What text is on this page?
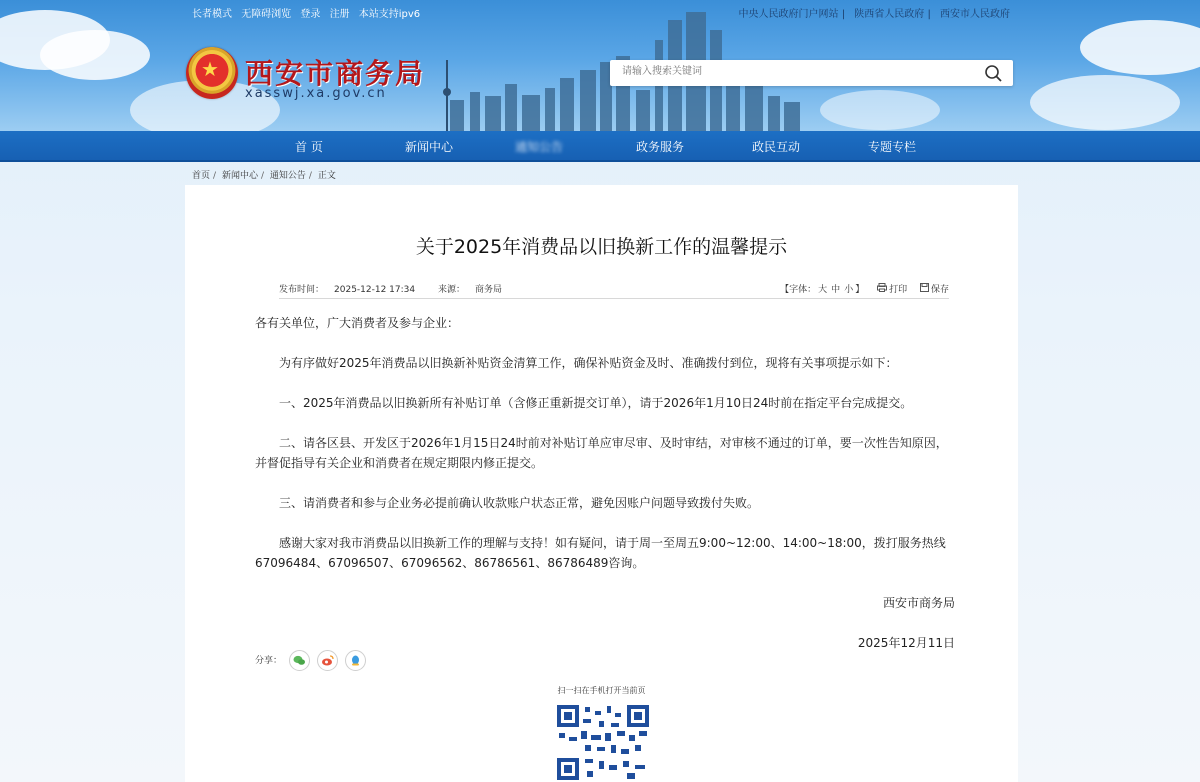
长者模式 无障碍浏览 登录 注册 本站支持ipv6	中央人民政府门户网站 | 陕西省人民政府 | 西安市人民政府
★
西安市商务局
xasswj.xa.gov.cn
请输入搜索关键词
首 页	新闻中心	通知公告	政务服务	政民互动	专题专栏
首页 / 新闻中心 / 通知公告 / 正文
关于2025年消费品以旧换新工作的温馨提示
发布时间： 2025-12-12 17:34	来源： 商务局	【字体： 大 中 小 】	打印	保存

各有关单位，广大消费者及参与企业：

为有序做好2025年消费品以旧换新补贴资金清算工作，确保补贴资金及时、准确拨付到位，现将有关事项提示如下：

一、2025年消费品以旧换新所有补贴订单（含修正重新提交订单），请于2026年1月10日24时前在指定平台完成提交。

二、请各区县、开发区于2026年1月15日24时前对补贴订单应审尽审、及时审结，对审核不通过的订单，要一次性告知原因，并督促指导有关企业和消费者在规定期限内修正提交。

三、请消费者和参与企业务必提前确认收款账户状态正常，避免因账户问题导致拨付失败。

感谢大家对我市消费品以旧换新工作的理解与支持！如有疑问，请于周一至周五9:00~12:00、14:00~18:00，拨打服务热线67096484、67096507、67096562、86786561、86786489咨询。

西安市商务局

2025年12月11日

分享：
扫一扫在手机打开当前页
